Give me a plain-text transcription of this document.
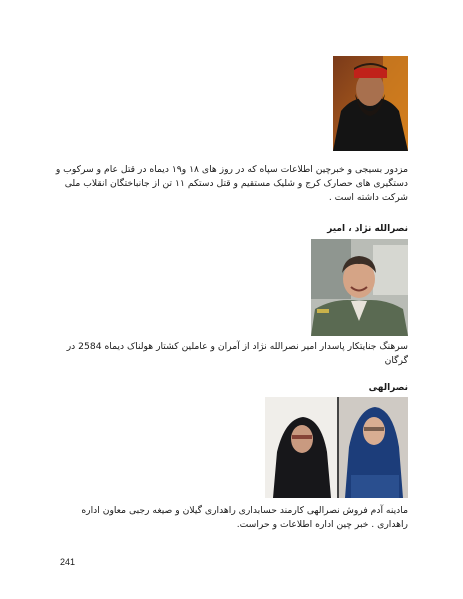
مزدور بسیجی و خبرچین اطلاعات سپاه که در روز های ۱۸ و۱۹ دیماه در قتل عام و سرکوب و دستگیری های حصارک کرج و شلیک مستقیم و قتل دستکم ۱۱ تن از جانباختگان انقلاب ملی شرکت داشته است .
نصرالله نژاد ، امیر
سرهنگ جنایتکار پاسدار امیر نصرالله نژاد از آمران و عاملین کشتار هولناک دیماه 2584 در گرگان
نصرالهی
مادینه آدم فروش نصرالهی کارمند حسابداری راهداری گیلان و صیغه رجبی معاون اداره راهداری . خبر چین اداره اطلاعات و حراست.
241
